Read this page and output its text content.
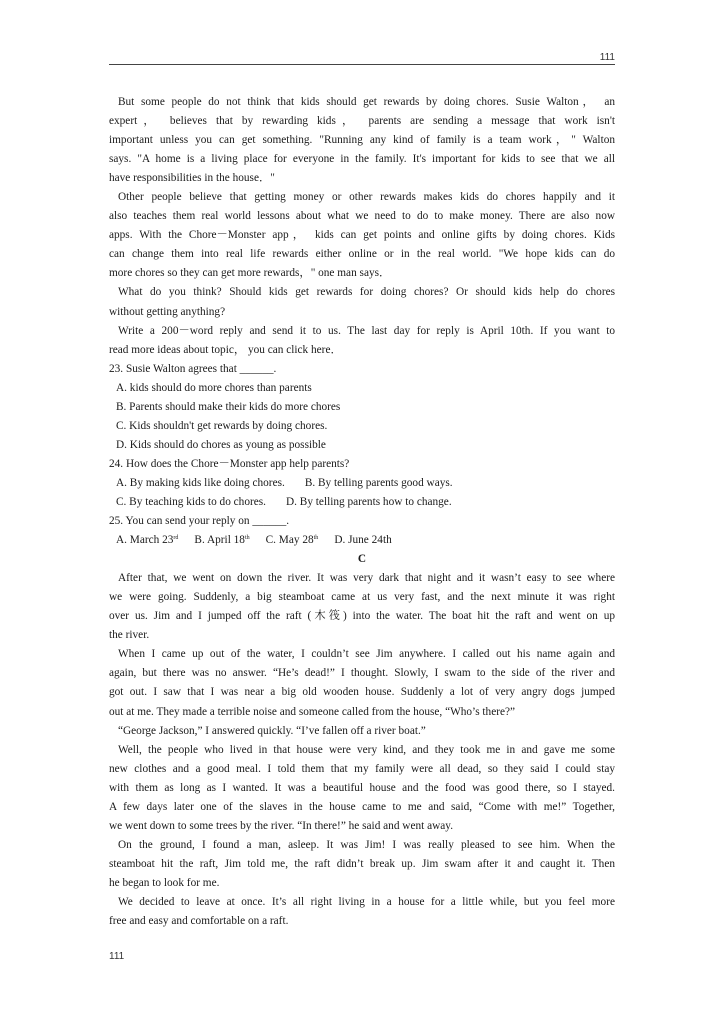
111
But some people do not think that kids should get rewards by doing chores. Susie Walton， an
expert， believes that by rewarding kids， parents are sending a message that work isn't
important unless you can get something. "Running any kind of family is a team work，" Walton
says. "A home is a living place for everyone in the family. It's important for kids to see that we all
have responsibilities in the house．"
Other people believe that getting money or other rewards makes kids do chores happily and it
also teaches them real world lessons about what we need to do to make money. There are also now
apps. With the Chore－Monster app， kids can get points and online gifts by doing chores. Kids
can change them into real life rewards either online or in the real world. "We hope kids can do
more chores so they can get more rewards，" one man says．
What do you think? Should kids get rewards for doing chores? Or should kids help do chores
without getting anything?
Write a 200－word reply and send it to us. The last day for reply is April 10th. If you want to
read more ideas about topic， you can click here．
23. Susie Walton agrees that ______.
A. kids should do more chores than parents
B. Parents should make their kids do more chores
C. Kids shouldn't get rewards by doing chores.
D. Kids should do chores as young as possible
24. How does the Chore－Monster app help parents?
A. By making kids like doing chores. B. By telling parents good ways.
C. By teaching kids to do chores. D. By telling parents how to change.
25. You can send your reply on ______.
A. March 23rd B. April 18th C. May 28th D. June 24th
C
After that, we went on down the river. It was very dark that night and it wasn’t easy to see where
we were going. Suddenly, a big steamboat came at us very fast, and the next minute it was right
over us. Jim and I jumped off the raft (木筏) into the water. The boat hit the raft and went on up
the river.
When I came up out of the water, I couldn’t see Jim anywhere. I called out his name again and
again, but there was no answer. “He’s dead!” I thought. Slowly, I swam to the side of the river and
got out. I saw that I was near a big old wooden house. Suddenly a lot of very angry dogs jumped
out at me. They made a terrible noise and someone called from the house, “Who’s there?”
“George Jackson,” I answered quickly. “I’ve fallen off a river boat.”
Well, the people who lived in that house were very kind, and they took me in and gave me some
new clothes and a good meal. I told them that my family were all dead, so they said I could stay
with them as long as I wanted. It was a beautiful house and the food was good there, so I stayed.
A few days later one of the slaves in the house came to me and said, “Come with me!” Together,
we went down to some trees by the river. “In there!” he said and went away.
On the ground, I found a man, asleep. It was Jim! I was really pleased to see him. When the
steamboat hit the raft, Jim told me, the raft didn’t break up. Jim swam after it and caught it. Then
he began to look for me.
We decided to leave at once. It’s all right living in a house for a little while, but you feel more
free and easy and comfortable on a raft.
111
